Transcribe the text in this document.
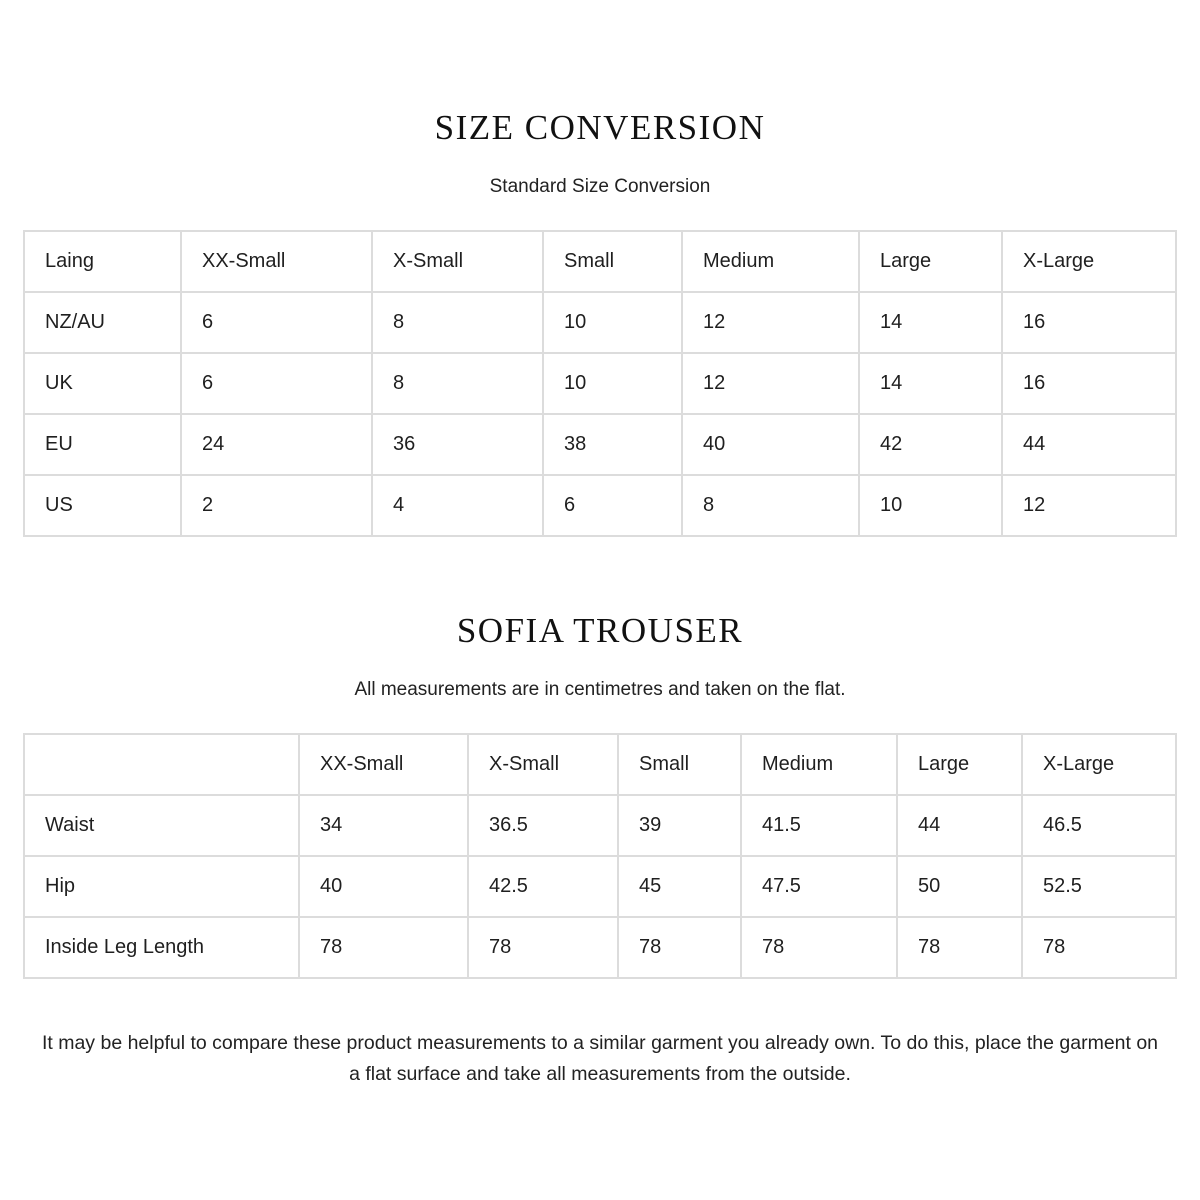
SIZE CONVERSION

Standard Size Conversion

Laing	XX-Small	X-Small	Small	Medium	Large	X-Large
NZ/AU	6	8	10	12	14	16
UK	6	8	10	12	14	16
EU	24	36	38	40	42	44
US	2	4	6	8	10	12
SOFIA TROUSER

All measurements are in centimetres and taken on the flat.

	XX-Small	X-Small	Small	Medium	Large	X-Large
Waist	34	36.5	39	41.5	44	46.5
Hip	40	42.5	45	47.5	50	52.5
Inside Leg Length	78	78	78	78	78	78

It may be helpful to compare these product measurements to a similar garment you already own. To do this, place the garment on a flat surface and take all measurements from the outside.
